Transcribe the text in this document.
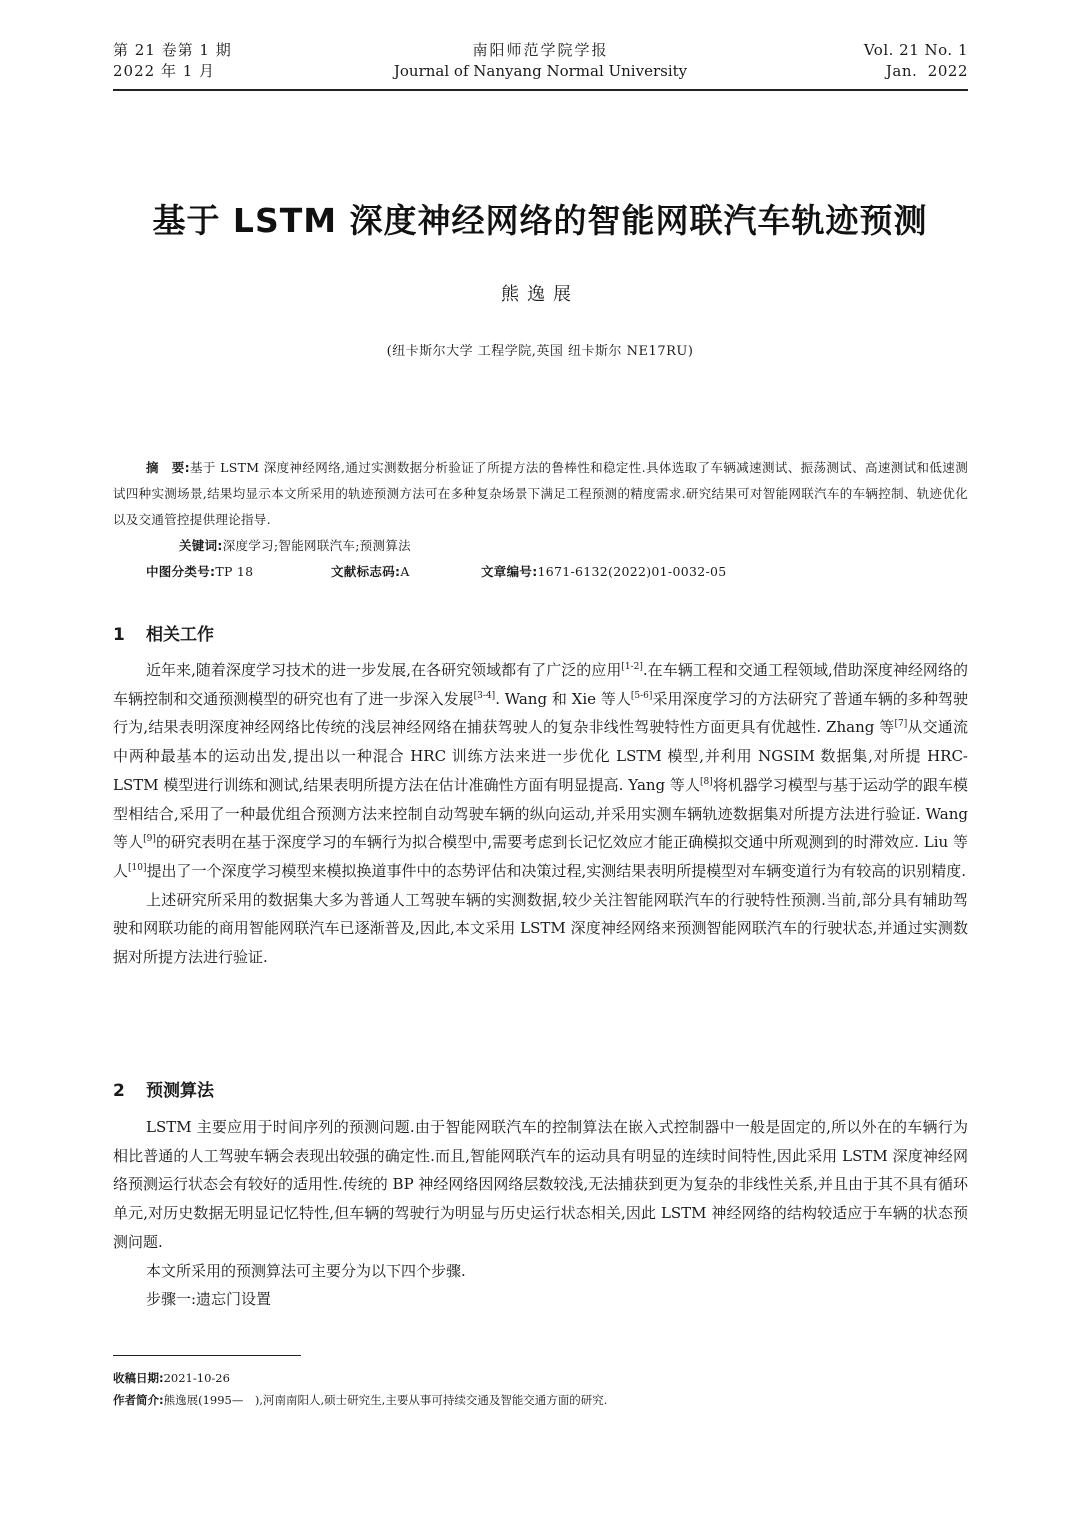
第 21 卷第 1 期
2022 年 1 月
南阳师范学院学报
Journal of Nanyang Normal University
Vol. 21 No. 1
Jan.  2022
基于 LSTM 深度神经网络的智能网联汽车轨迹预测
熊逸展
(纽卡斯尔大学 工程学院,英国 纽卡斯尔 NE17RU)

摘　要:基于 LSTM 深度神经网络,通过实测数据分析验证了所提方法的鲁棒性和稳定性.具体选取了车辆减速测试、振荡测试、高速测试和低速测试四种实测场景,结果均显示本文所采用的轨迹预测方法可在多种复杂场景下满足工程预测的精度需求.研究结果可对智能网联汽车的车辆控制、轨迹优化以及交通管控提供理论指导.

关键词:深度学习;智能网联汽车;预测算法

中图分类号:TP 18	文献标志码:A	文章编号:1671-6132(2022)01-0032-05
1 相关工作

近年来,随着深度学习技术的进一步发展,在各研究领域都有了广泛的应用[1-2].在车辆工程和交通工程领域,借助深度神经网络的车辆控制和交通预测模型的研究也有了进一步深入发展[3-4]. Wang 和 Xie 等人[5-6]采用深度学习的方法研究了普通车辆的多种驾驶行为,结果表明深度神经网络比传统的浅层神经网络在捕获驾驶人的复杂非线性驾驶特性方面更具有优越性. Zhang 等[7]从交通流中两种最基本的运动出发,提出以一种混合 HRC 训练方法来进一步优化 LSTM 模型,并利用 NGSIM 数据集,对所提 HRC-LSTM 模型进行训练和测试,结果表明所提方法在估计准确性方面有明显提高. Yang 等人[8]将机器学习模型与基于运动学的跟车模型相结合,采用了一种最优组合预测方法来控制自动驾驶车辆的纵向运动,并采用实测车辆轨迹数据集对所提方法进行验证. Wang 等人[9]的研究表明在基于深度学习的车辆行为拟合模型中,需要考虑到长记忆效应才能正确模拟交通中所观测到的时滞效应. Liu 等人[10]提出了一个深度学习模型来模拟换道事件中的态势评估和决策过程,实测结果表明所提模型对车辆变道行为有较高的识别精度.

上述研究所采用的数据集大多为普通人工驾驶车辆的实测数据,较少关注智能网联汽车的行驶特性预测.当前,部分具有辅助驾驶和网联功能的商用智能网联汽车已逐渐普及,因此,本文采用 LSTM 深度神经网络来预测智能网联汽车的行驶状态,并通过实测数据对所提方法进行验证.

2 预测算法

LSTM 主要应用于时间序列的预测问题.由于智能网联汽车的控制算法在嵌入式控制器中一般是固定的,所以外在的车辆行为相比普通的人工驾驶车辆会表现出较强的确定性.而且,智能网联汽车的运动具有明显的连续时间特性,因此采用 LSTM 深度神经网络预测运行状态会有较好的适用性.传统的 BP 神经网络因网络层数较浅,无法捕获到更为复杂的非线性关系,并且由于其不具有循环单元,对历史数据无明显记忆特性,但车辆的驾驶行为明显与历史运行状态相关,因此 LSTM 神经网络的结构较适应于车辆的状态预测问题.

本文所采用的预测算法可主要分为以下四个步骤.

步骤一:遗忘门设置

收稿日期:2021-10-26
作者简介:熊逸展(1995—　),河南南阳人,硕士研究生,主要从事可持续交通及智能交通方面的研究.
